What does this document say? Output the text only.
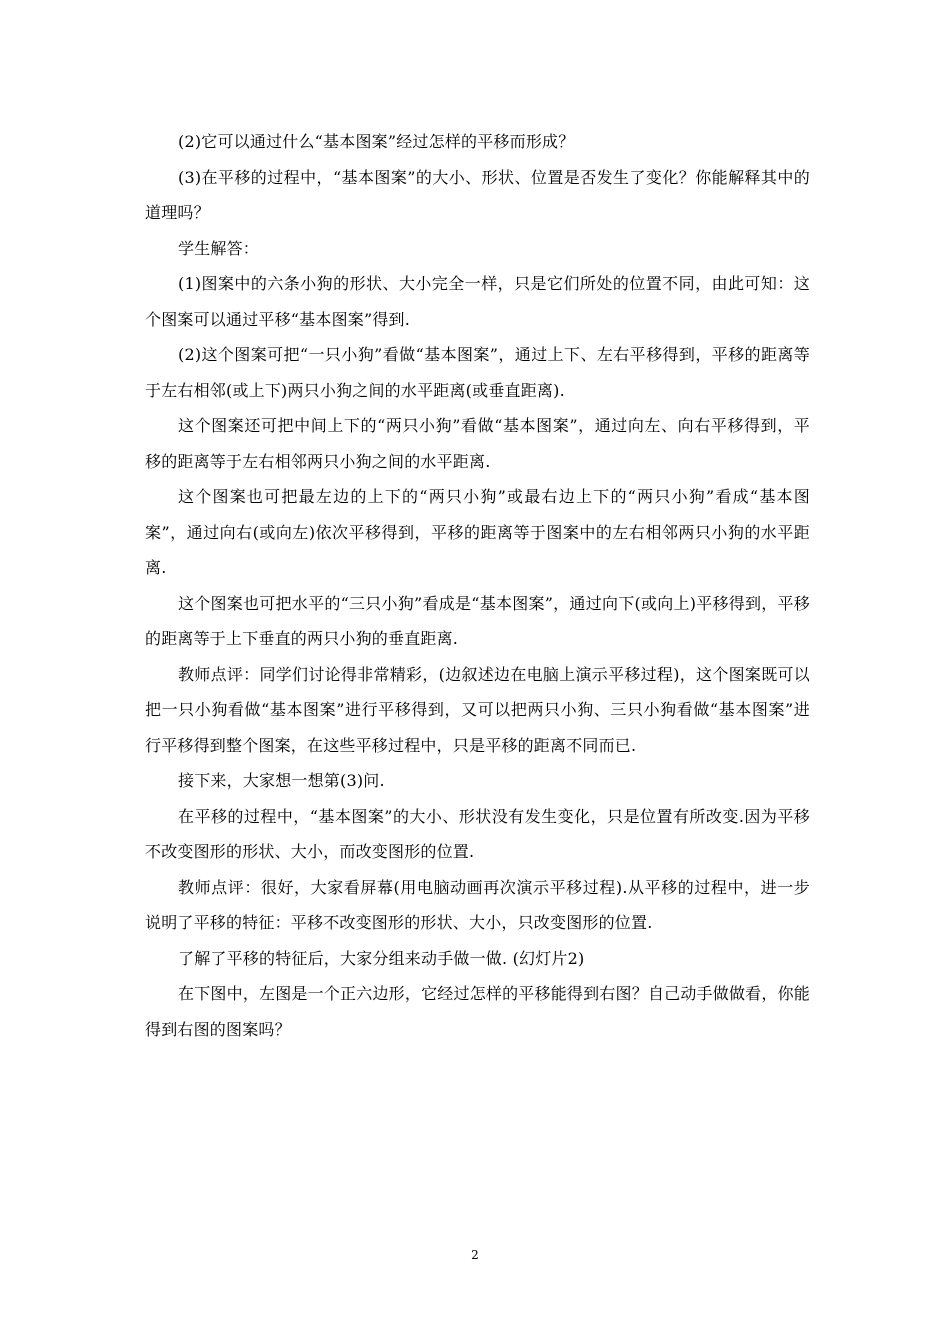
(2)它可以通过什么“基本图案”经过怎样的平移而形成？

(3)在平移的过程中，“基本图案”的大小、形状、位置是否发生了变化？你能解释其中的道理吗？

学生解答：

(1)图案中的六条小狗的形状、大小完全一样，只是它们所处的位置不同，由此可知：这个图案可以通过平移“基本图案”得到.

(2)这个图案可把“一只小狗”看做“基本图案”，通过上下、左右平移得到，平移的距离等于左右相邻(或上下)两只小狗之间的水平距离(或垂直距离).

这个图案还可把中间上下的“两只小狗”看做“基本图案”，通过向左、向右平移得到，平移的距离等于左右相邻两只小狗之间的水平距离.

这个图案也可把最左边的上下的“两只小狗”或最右边上下的“两只小狗”看成“基本图案”，通过向右(或向左)依次平移得到，平移的距离等于图案中的左右相邻两只小狗的水平距离.

这个图案也可把水平的“三只小狗”看成是“基本图案”，通过向下(或向上)平移得到，平移的距离等于上下垂直的两只小狗的垂直距离.

教师点评：同学们讨论得非常精彩，(边叙述边在电脑上演示平移过程)，这个图案既可以把一只小狗看做“基本图案”进行平移得到，又可以把两只小狗、三只小狗看做“基本图案”进行平移得到整个图案，在这些平移过程中，只是平移的距离不同而已.

接下来，大家想一想第(3)问.

在平移的过程中，“基本图案”的大小、形状没有发生变化，只是位置有所改变.因为平移不改变图形的形状、大小，而改变图形的位置.

教师点评：很好，大家看屏幕(用电脑动画再次演示平移过程).从平移的过程中，进一步说明了平移的特征：平移不改变图形的形状、大小，只改变图形的位置.

了解了平移的特征后，大家分组来动手做一做. (幻灯片2)

在下图中，左图是一个正六边形，它经过怎样的平移能得到右图？自己动手做做看，你能得到右图的图案吗？

2
